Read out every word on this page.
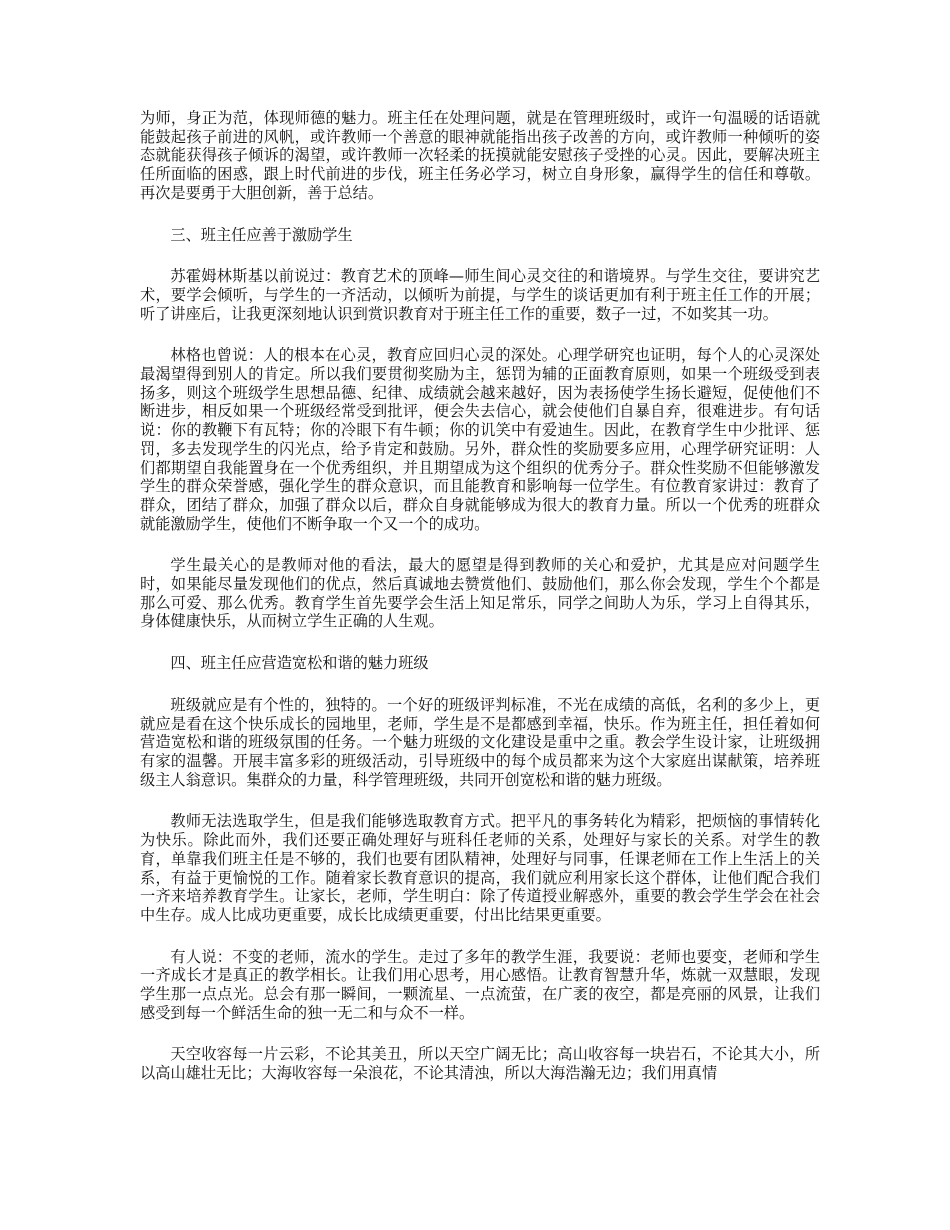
为师，身正为范，体现师德的魅力。班主任在处理问题，就是在管理班级时，或许一句温暖的话语就能鼓起孩子前进的风帆，或许教师一个善意的眼神就能指出孩子改善的方向，或许教师一种倾听的姿态就能获得孩子倾诉的渴望，或许教师一次轻柔的抚摸就能安慰孩子受挫的心灵。因此，要解决班主任所面临的困惑，跟上时代前进的步伐，班主任务必学习，树立自身形象，赢得学生的信任和尊敬。再次是要勇于大胆创新，善于总结。

三、班主任应善于激励学生

苏霍姆林斯基以前说过：教育艺术的顶峰—师生间心灵交往的和谐境界。与学生交往，要讲究艺术，要学会倾听，与学生的一齐活动，以倾听为前提，与学生的谈话更加有利于班主任工作的开展；听了讲座后，让我更深刻地认识到赏识教育对于班主任工作的重要，数子一过，不如奖其一功。

林格也曾说：人的根本在心灵，教育应回归心灵的深处。心理学研究也证明，每个人的心灵深处最渴望得到别人的肯定。所以我们要贯彻奖励为主，惩罚为辅的正面教育原则，如果一个班级受到表扬多，则这个班级学生思想品德、纪律、成绩就会越来越好，因为表扬使学生扬长避短，促使他们不断进步，相反如果一个班级经常受到批评，便会失去信心，就会使他们自暴自弃，很难进步。有句话说：你的教鞭下有瓦特；你的冷眼下有牛顿；你的讥笑中有爱迪生。因此，在教育学生中少批评、惩罚，多去发现学生的闪光点，给予肯定和鼓励。另外，群众性的奖励要多应用，心理学研究证明：人们都期望自我能置身在一个优秀组织，并且期望成为这个组织的优秀分子。群众性奖励不但能够激发学生的群众荣誉感，强化学生的群众意识，而且能教育和影响每一位学生。有位教育家讲过：教育了群众，团结了群众，加强了群众以后，群众自身就能够成为很大的教育力量。所以一个优秀的班群众就能激励学生，使他们不断争取一个又一个的成功。

学生最关心的是教师对他的看法，最大的愿望是得到教师的关心和爱护，尤其是应对问题学生时，如果能尽量发现他们的优点，然后真诚地去赞赏他们、鼓励他们，那么你会发现，学生个个都是那么可爱、那么优秀。教育学生首先要学会生活上知足常乐，同学之间助人为乐，学习上自得其乐，身体健康快乐，从而树立学生正确的人生观。

四、班主任应营造宽松和谐的魅力班级

班级就应是有个性的，独特的。一个好的班级评判标准，不光在成绩的高低，名利的多少上，更就应是看在这个快乐成长的园地里，老师，学生是不是都感到幸福，快乐。作为班主任，担任着如何营造宽松和谐的班级氛围的任务。一个魅力班级的文化建设是重中之重。教会学生设计家，让班级拥有家的温馨。开展丰富多彩的班级活动，引导班级中的每个成员都来为这个大家庭出谋献策，培养班级主人翁意识。集群众的力量，科学管理班级，共同开创宽松和谐的魅力班级。

教师无法选取学生，但是我们能够选取教育方式。把平凡的事务转化为精彩，把烦恼的事情转化为快乐。除此而外，我们还要正确处理好与班科任老师的关系，处理好与家长的关系。对学生的教育，单靠我们班主任是不够的，我们也要有团队精神，处理好与同事，任课老师在工作上生活上的关系，有益于更愉悦的工作。随着家长教育意识的提高，我们就应利用家长这个群体，让他们配合我们一齐来培养教育学生。让家长，老师，学生明白：除了传道授业解惑外，重要的教会学生学会在社会中生存。成人比成功更重要，成长比成绩更重要，付出比结果更重要。

有人说：不变的老师，流水的学生。走过了多年的教学生涯，我要说：老师也要变，老师和学生一齐成长才是真正的教学相长。让我们用心思考，用心感悟。让教育智慧升华，炼就一双慧眼，发现学生那一点点光。总会有那一瞬间，一颗流星、一点流萤，在广袤的夜空，都是亮丽的风景，让我们感受到每一个鲜活生命的独一无二和与众不一样。

天空收容每一片云彩，不论其美丑，所以天空广阔无比；高山收容每一块岩石，不论其大小，所以高山雄壮无比；大海收容每一朵浪花，不论其清浊，所以大海浩瀚无边；我们用真情
